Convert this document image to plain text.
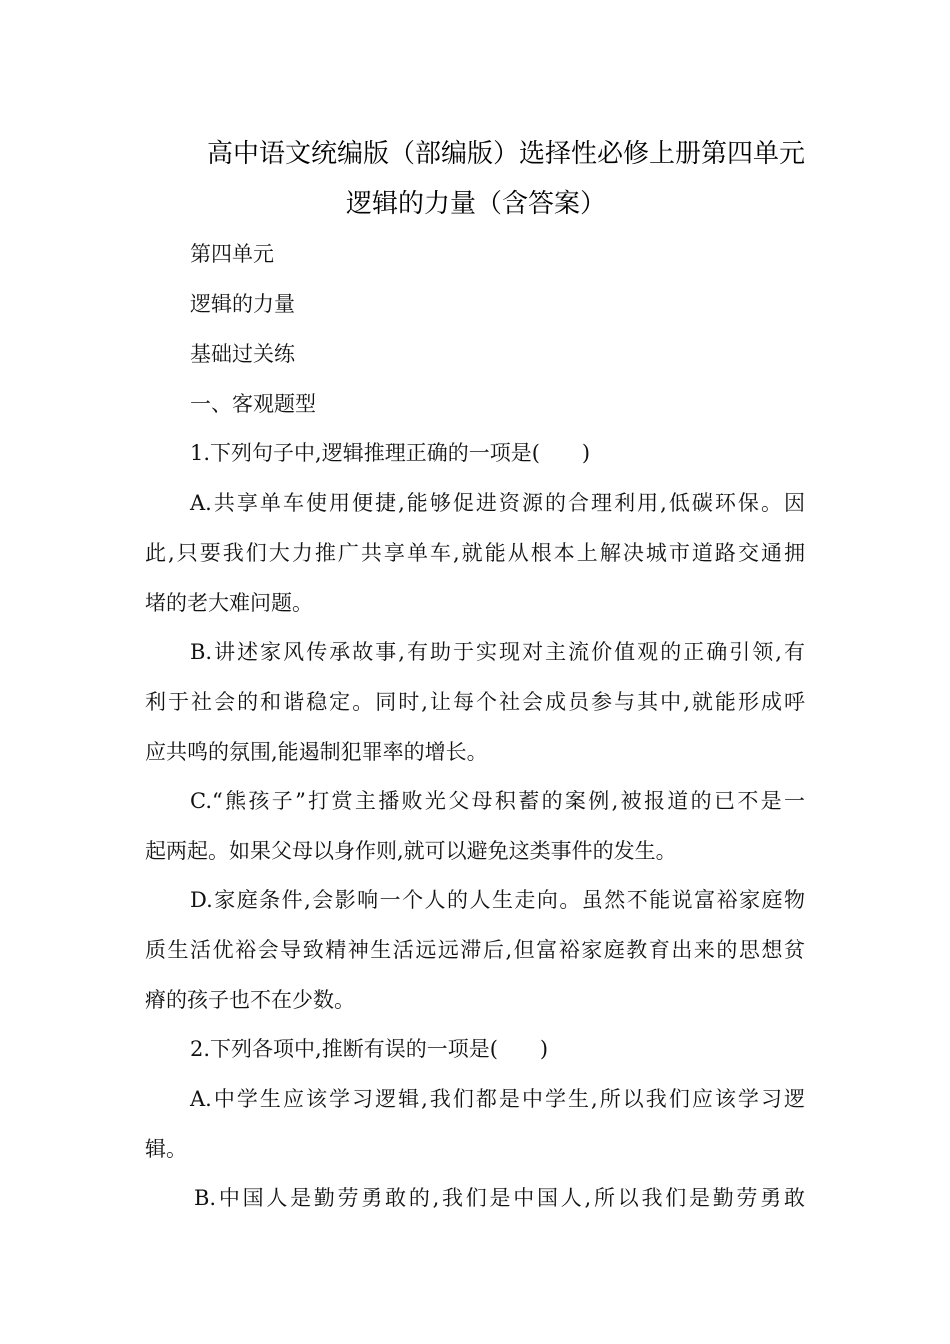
高中语文统编版（部编版）选择性必修上册第四单元
逻辑的力量（含答案）
第四单元
逻辑的力量
基础过关练
一、客观题型
1.下列句子中,逻辑推理正确的一项是(　　)
A.共享单车使用便捷,能够促进资源的合理利用,低碳环保。因
此,只要我们大力推广共享单车,就能从根本上解决城市道路交通拥
堵的老大难问题。
B.讲述家风传承故事,有助于实现对主流价值观的正确引领,有
利于社会的和谐稳定。同时,让每个社会成员参与其中,就能形成呼
应共鸣的氛围,能遏制犯罪率的增长。
C.“熊孩子”打赏主播败光父母积蓄的案例,被报道的已不是一
起两起。如果父母以身作则,就可以避免这类事件的发生。
D.家庭条件,会影响一个人的人生走向。虽然不能说富裕家庭物
质生活优裕会导致精神生活远远滞后,但富裕家庭教育出来的思想贫
瘠的孩子也不在少数。
2.下列各项中,推断有误的一项是(　　)
A.中学生应该学习逻辑,我们都是中学生,所以我们应该学习逻
辑。
B.中国人是勤劳勇敢的,我们是中国人,所以我们是勤劳勇敢
